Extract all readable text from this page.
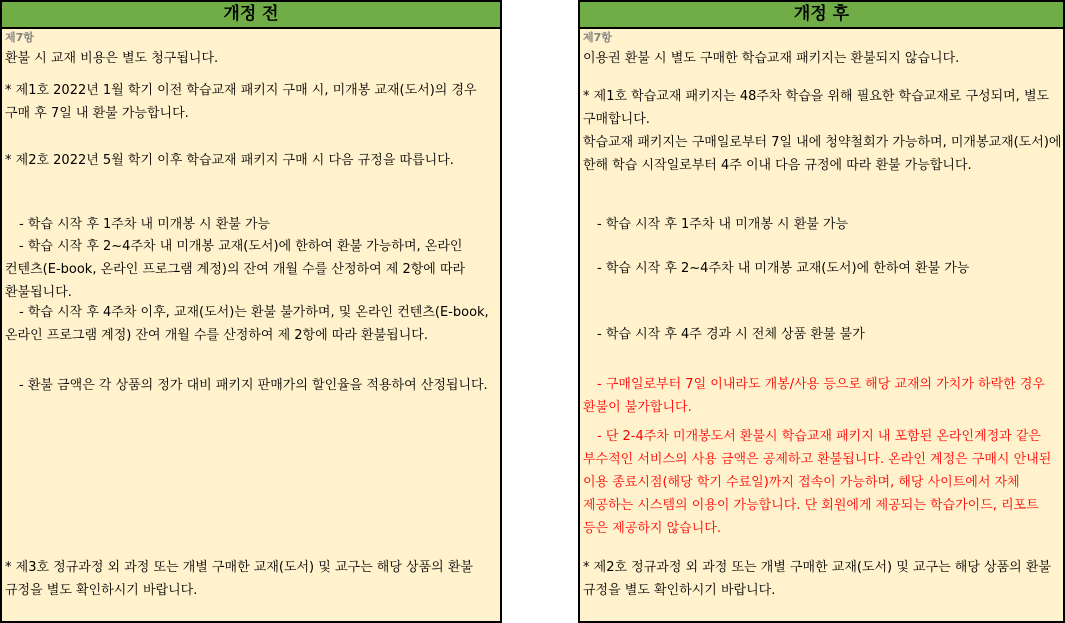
개정 전
제7항
환불 시 교재 비용은 별도 청구됩니다.
* 제1호 2022년 1월 학기 이전 학습교재 패키지 구매 시, 미개봉 교재(도서)의 경우 구매 후 7일 내 환불 가능합니다.
* 제2호 2022년 5월 학기 이후 학습교재 패키지 구매 시 다음 규정을 따릅니다.
- 학습 시작 후 1주차 내 미개봉 시 환불 가능
- 학습 시작 후 2~4주차 내 미개봉 교재(도서)에 한하여 환불 가능하며, 온라인 컨텐츠(E-book, 온라인 프로그램 계정)의 잔여 개월 수를 산정하여 제 2항에 따라 환불됩니다.
- 학습 시작 후 4주차 이후, 교재(도서)는 환불 불가하며, 및 온라인 컨텐츠(E-book, 온라인 프로그램 계정) 잔여 개월 수를 산정하여 제 2항에 따라 환불됩니다.
- 환불 금액은 각 상품의 정가 대비 패키지 판매가의 할인율을 적용하여 산정됩니다.
* 제3호 정규과정 외 과정 또는 개별 구매한 교재(도서) 및 교구는 해당 상품의 환불 규정을 별도 확인하시기 바랍니다.
개정 후
제7항
이용권 환불 시 별도 구매한 학습교재 패키지는 환불되지 않습니다.
* 제1호 학습교재 패키지는 48주차 학습을 위해 필요한 학습교재로 구성되며, 별도 구매합니다.
학습교재 패키지는 구매일로부터 7일 내에 청약철회가 가능하며, 미개봉교재(도서)에 한해 학습 시작일로부터 4주 이내 다음 규정에 따라 환불 가능합니다.
- 학습 시작 후 1주차 내 미개봉 시 환불 가능
- 학습 시작 후 2~4주차 내 미개봉 교재(도서)에 한하여 환불 가능
- 학습 시작 후 4주 경과 시 전체 상품 환불 불가
- 구매일로부터 7일 이내라도 개봉/사용 등으로 해당 교재의 가치가 하락한 경우 환불이 불가합니다.
- 단 2-4주차 미개봉도서 환불시 학습교재 패키지 내 포함된 온라인계정과 같은 부수적인 서비스의 사용 금액은 공제하고 환불됩니다. 온라인 계정은 구매시 안내된 이용 종료시점(해당 학기 수료일)까지 접속이 가능하며, 해당 사이트에서 자체 제공하는 시스템의 이용이 가능합니다. 단 회원에게 제공되는 학습가이드, 리포트 등은 제공하지 않습니다.
* 제2호 정규과정 외 과정 또는 개별 구매한 교재(도서) 및 교구는 해당 상품의 환불 규정을 별도 확인하시기 바랍니다.
